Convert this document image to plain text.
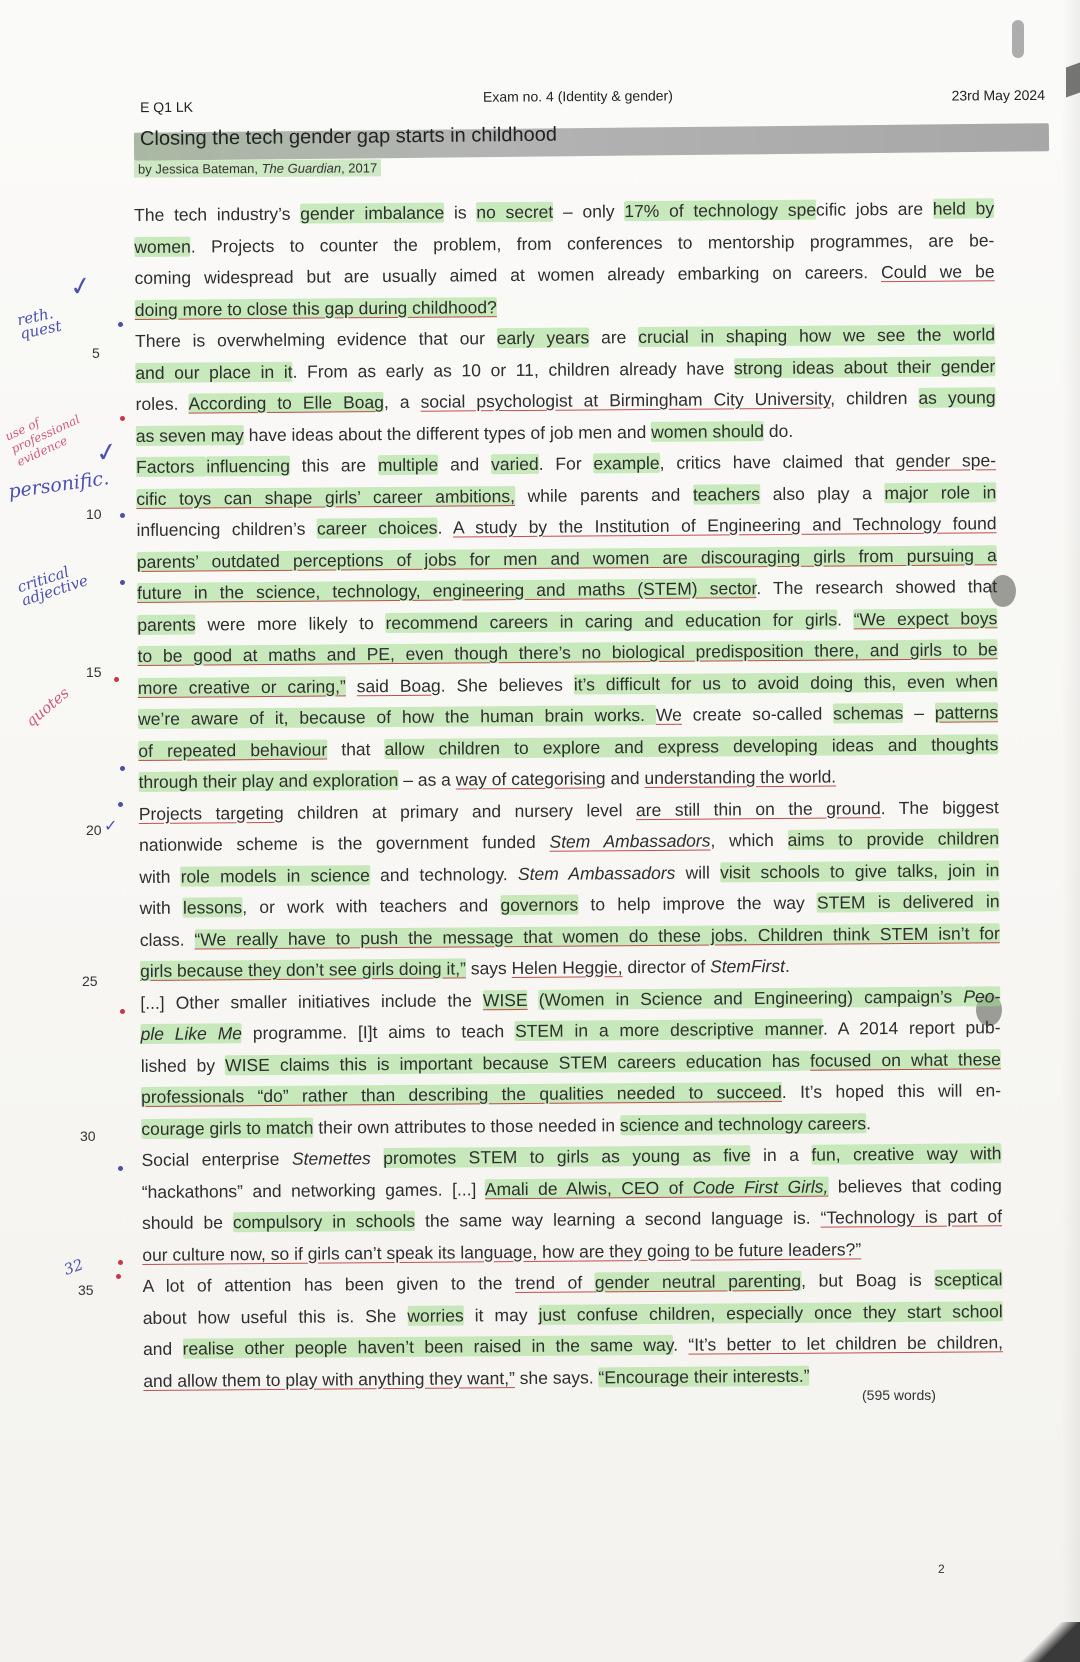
E Q1 LK
Exam no. 4 (Identity & gender)	23rd May 2024
Closing the tech gender gap starts in childhood
by Jessica Bateman, The Guardian, 2017
5
10
15
20
25
30
35
reth. quest
use of professional evidence
personific.
critical adjective
quotes
32
✓
✓
✓
The tech industry’s gender imbalance is no secret – only 17% of technology specific jobs are held by
women. Projects to counter the problem, from conferences to mentorship programmes, are be-
coming widespread but are usually aimed at women already embarking on careers. Could we be
doing more to close this gap during childhood?
There is overwhelming evidence that our early years are crucial in shaping how we see the world
and our place in it. From as early as 10 or 11, children already have strong ideas about their gender
roles. According to Elle Boag, a social psychologist at Birmingham City University, children as young
as seven may have ideas about the different types of job men and women should do.
Factors influencing this are multiple and varied. For example, critics have claimed that gender spe-
cific toys can shape girls’ career ambitions, while parents and teachers also play a major role in
influencing children’s career choices. A study by the Institution of Engineering and Technology found
parents’ outdated perceptions of jobs for men and women are discouraging girls from pursuing a
future in the science, technology, engineering and maths (STEM) sector. The research showed that
parents were more likely to recommend careers in caring and education for girls. “We expect boys
to be good at maths and PE, even though there’s no biological predisposition there, and girls to be
more creative or caring,” said Boag. She believes it’s difficult for us to avoid doing this, even when
we’re aware of it, because of how the human brain works. We create so-called schemas – patterns
of repeated behaviour that allow children to explore and express developing ideas and thoughts
through their play and exploration – as a way of categorising and understanding the world.
Projects targeting children at primary and nursery level are still thin on the ground. The biggest
nationwide scheme is the government funded Stem Ambassadors, which aims to provide children
with role models in science and technology. Stem Ambassadors will visit schools to give talks, join in
with lessons, or work with teachers and governors to help improve the way STEM is delivered in
class. “We really have to push the message that women do these jobs. Children think STEM isn’t for
girls because they don’t see girls doing it,” says Helen Heggie, director of StemFirst.
[...] Other smaller initiatives include the WISE (Women in Science and Engineering) campaign’s Peo-
ple Like Me programme. [I]t aims to teach STEM in a more descriptive manner. A 2014 report pub-
lished by WISE claims this is important because STEM careers education has focused on what these
professionals “do” rather than describing the qualities needed to succeed. It’s hoped this will en-
courage girls to match their own attributes to those needed in science and technology careers.
Social enterprise Stemettes promotes STEM to girls as young as five in a fun, creative way with
“hackathons” and networking games. [...] Amali de Alwis, CEO of Code First Girls, believes that coding
should be compulsory in schools the same way learning a second language is. “Technology is part of
our culture now, so if girls can’t speak its language, how are they going to be future leaders?”
A lot of attention has been given to the trend of gender neutral parenting, but Boag is sceptical
about how useful this is. She worries it may just confuse children, especially once they start school
and realise other people haven’t been raised in the same way. “It’s better to let children be children,
and allow them to play with anything they want,” she says. “Encourage their interests.”
(595 words)
2
